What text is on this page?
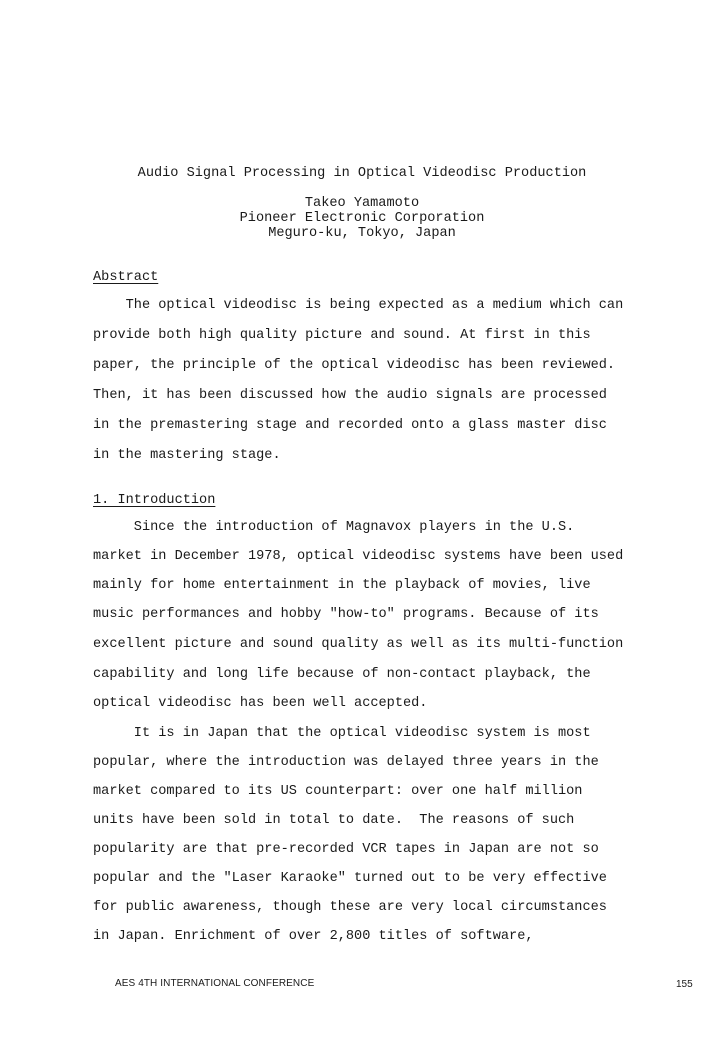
Audio Signal Processing in Optical Videodisc Production
Takeo Yamamoto
Pioneer Electronic Corporation
Meguro-ku, Tokyo, Japan
Abstract
The optical videodisc is being expected as a medium which can
provide both high quality picture and sound. At first in this
paper, the principle of the optical videodisc has been reviewed.
Then, it has been discussed how the audio signals are processed
in the premastering stage and recorded onto a glass master disc
in the mastering stage.
1. Introduction
Since the introduction of Magnavox players in the U.S.
market in December 1978, optical videodisc systems have been used
mainly for home entertainment in the playback of movies, live
music performances and hobby "how-to" programs. Because of its
excellent picture and sound quality as well as its multi-function
capability and long life because of non-contact playback, the
optical videodisc has been well accepted.
It is in Japan that the optical videodisc system is most
popular, where the introduction was delayed three years in the
market compared to its US counterpart: over one half million
units have been sold in total to date.  The reasons of such
popularity are that pre-recorded VCR tapes in Japan are not so
popular and the "Laser Karaoke" turned out to be very effective
for public awareness, though these are very local circumstances
in Japan. Enrichment of over 2,800 titles of software,
AES 4TH INTERNATIONAL CONFERENCE	155
